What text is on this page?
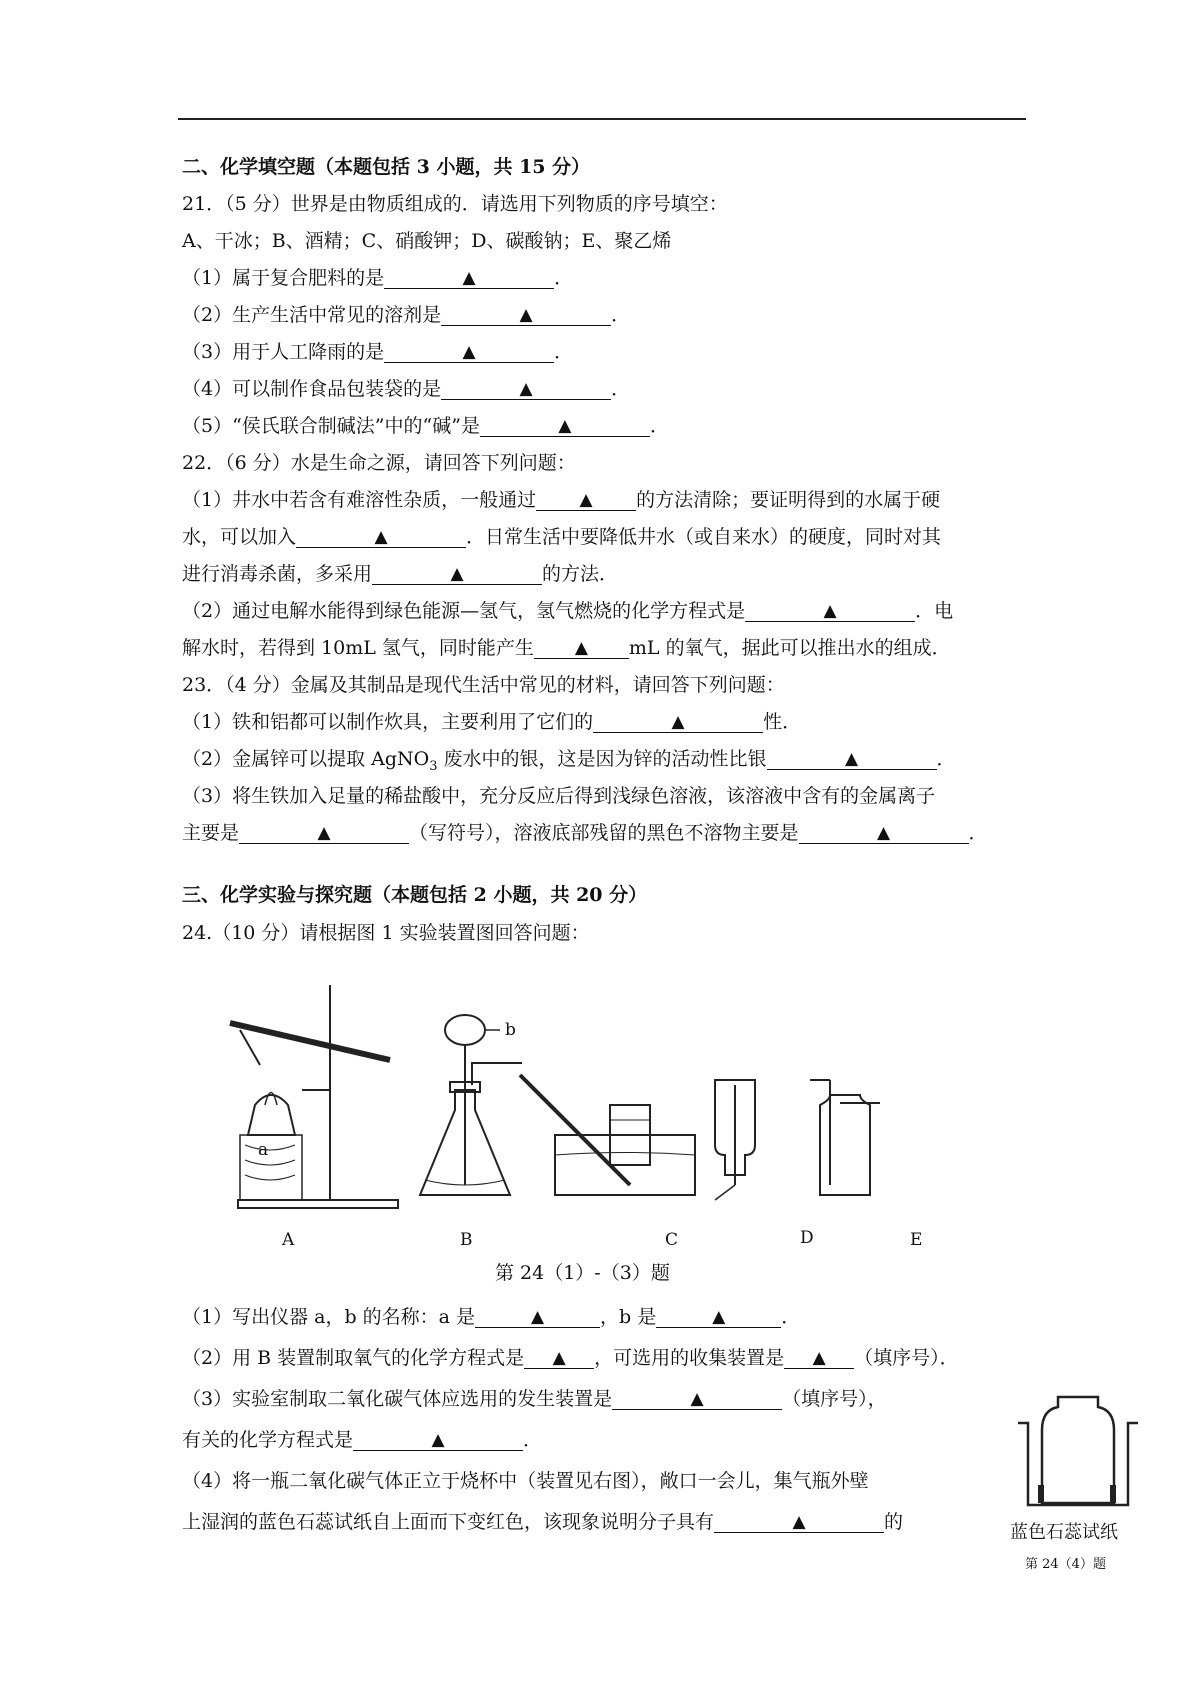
二、化学填空题（本题包括 3 小题，共 15 分）
21．（5 分）世界是由物质组成的．请选用下列物质的序号填空：
A、干冰；B、酒精；C、硝酸钾；D、碳酸钠；E、聚乙烯
（1）属于复合肥料的是	▲	．
（2）生产生活中常见的溶剂是	▲	．
（3）用于人工降雨的是	▲	．
（4）可以制作食品包装袋的是	▲	．
（5）“侯氏联合制碱法”中的“碱”是	▲	．
22．（6 分）水是生命之源，请回答下列问题：
（1）井水中若含有难溶性杂质，一般通过	▲ 的方法清除；要证明得到的水属于硬
水，可以加入	▲	．日常生活中要降低井水（或自来水）的硬度，同时对其
进行消毒杀菌，多采用	▲	的方法．
（2）通过电解水能得到绿色能源—氢气，氢气燃烧的化学方程式是	▲	．电
解水时，若得到 10mL 氢气，同时能产生 ▲ mL 的氧气，据此可以推出水的组成．
23．（4 分）金属及其制品是现代生活中常见的材料，请回答下列问题：
（1）铁和铝都可以制作炊具，主要利用了它们的	▲	性．
（2）金属锌可以提取 AgNO$_3$ 废水中的银，这是因为锌的活动性比银	▲	．
（3）将生铁加入足量的稀盐酸中，充分反应后得到浅绿色溶液，该溶液中含有的金属离子
主要是	▲	（写符号），溶液底部残留的黑色不溶物主要是	▲	．
三、化学实验与探究题（本题包括 2 小题，共 20 分）
24.（10 分）请根据图 1 实验装置图回答问题：
a
b
A	B	C	D	E
第 24（1）-（3）题
（1）写出仪器 a，b 的名称：a 是	▲	，b 是	▲	．
（2）用 B 装置制取氧气的化学方程式是 ▲ ，可选用的收集装置是 ▲ （填序号）．
（3）实验室制取二氧化碳气体应选用的发生装置是	▲	（填序号），
有关的化学方程式是	▲	．
（4）将一瓶二氧化碳气体正立于烧杯中（装置见右图），敞口一会儿，集气瓶外壁
上湿润的蓝色石蕊试纸自上面而下变红色，该现象说明分子具有	▲	的	蓝色石蕊试纸
第 24（4）题
